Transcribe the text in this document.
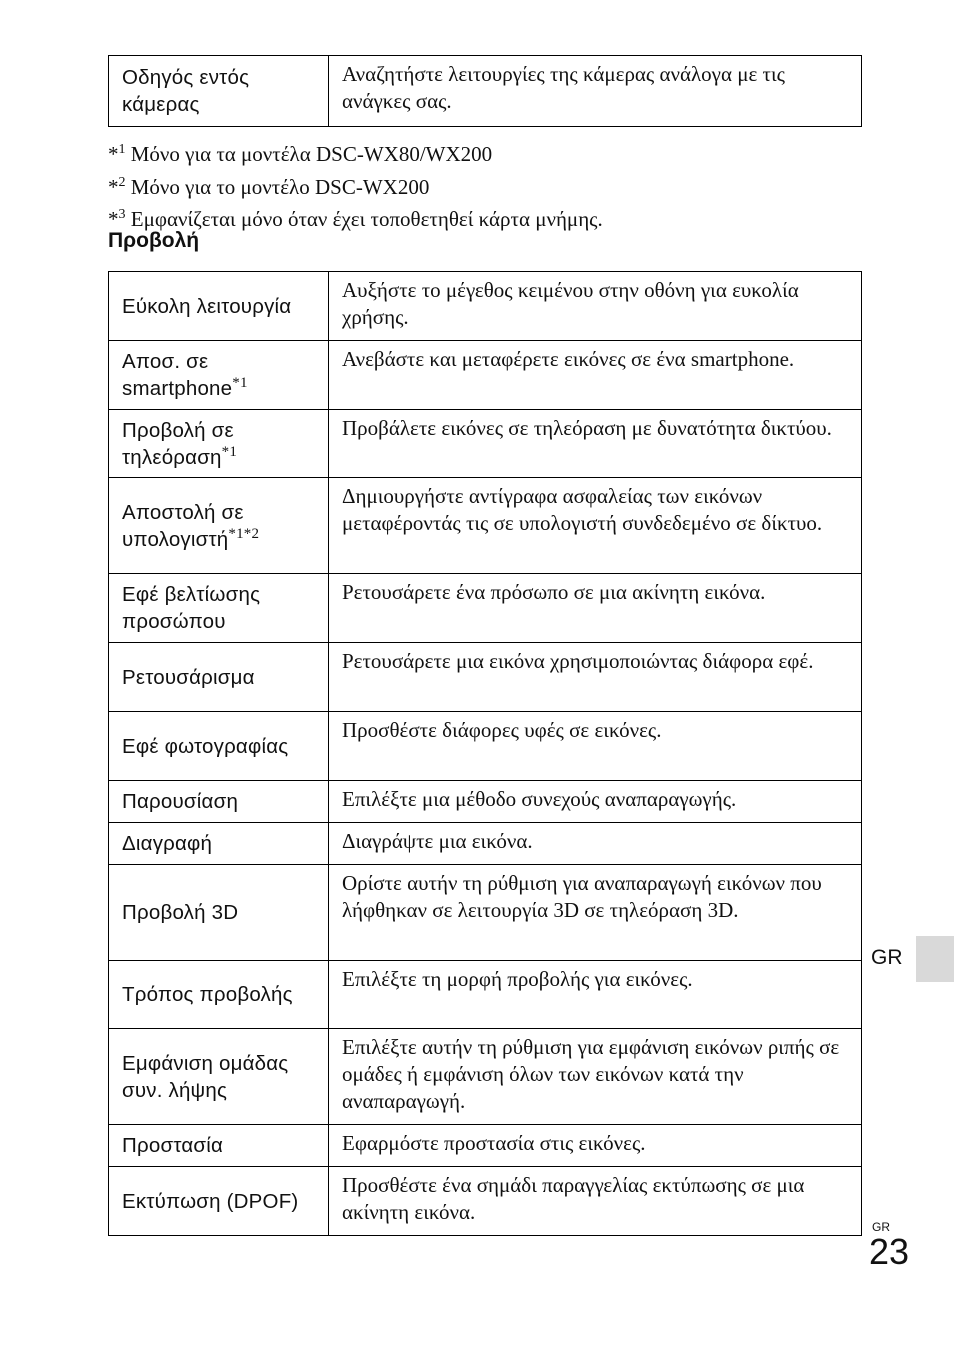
Οδηγός εντός κάμερας	Αναζητήστε λειτουργίες της κάμερας ανάλογα με τις ανάγκες σας.
*$^1$ Μόνο για τα μοντέλα DSC-WX80/WX200
*$^2$ Μόνο για το μοντέλο DSC-WX200
*$^3$ Εμφανίζεται μόνο όταν έχει τοποθετηθεί κάρτα μνήμης.
Προβολή
Εύκολη λειτουργία	Αυξήστε το μέγεθος κειμένου στην οθόνη για ευκολία χρήσης.
Αποσ. σε smartphone$^{*1}$	Ανεβάστε και μεταφέρετε εικόνες σε ένα smartphone.
Προβολή σε τηλεόραση$^{*1}$	Προβάλετε εικόνες σε τηλεόραση με δυνατότητα δικτύου.
Αποστολή σε υπολογιστή$^{*1*2}$	Δημιουργήστε αντίγραφα ασφαλείας των εικόνων μεταφέροντάς τις σε υπολογιστή συνδεδεμένο σε δίκτυο.
Εφέ βελτίωσης προσώπου	Ρετουσάρετε ένα πρόσωπο σε μια ακίνητη εικόνα.
Ρετουσάρισμα	Ρετουσάρετε μια εικόνα χρησιμοποιώντας διάφορα εφέ.
Εφέ φωτογραφίας	Προσθέστε διάφορες υφές σε εικόνες.
Παρουσίαση	Επιλέξτε μια μέθοδο συνεχούς αναπαραγωγής.
Διαγραφή	Διαγράψτε μια εικόνα.
Προβολή 3D	Ορίστε αυτήν τη ρύθμιση για αναπαραγωγή εικόνων που λήφθηκαν σε λειτουργία 3D σε τηλεόραση 3D.
Τρόπος προβολής	Επιλέξτε τη μορφή προβολής για εικόνες.
Εμφάνιση ομάδας συν. λήψης	Επιλέξτε αυτήν τη ρύθμιση για εμφάνιση εικόνων ριπής σε ομάδες ή εμφάνιση όλων των εικόνων κατά την αναπαραγωγή.
Προστασία	Εφαρμόστε προστασία στις εικόνες.
Εκτύπωση (DPOF)	Προσθέστε ένα σημάδι παραγγελίας εκτύπωσης σε μια ακίνητη εικόνα.
GR
GR
23
